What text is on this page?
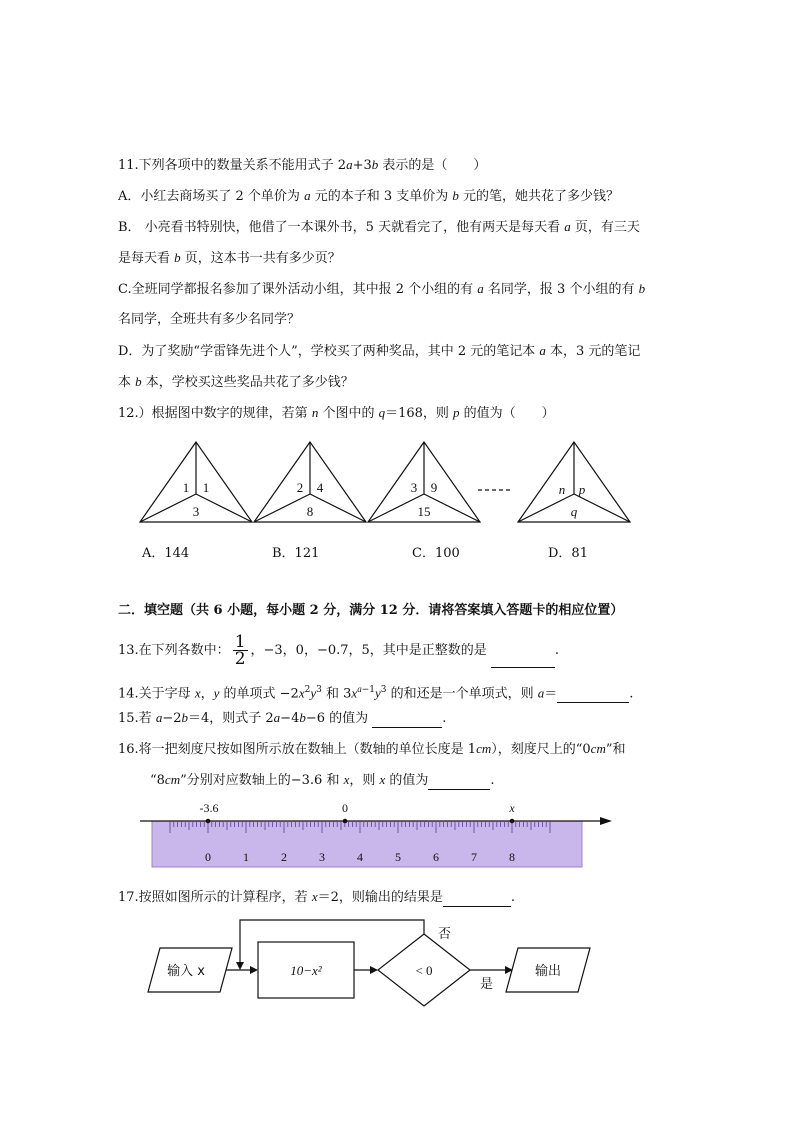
11.下列各项中的数量关系不能用式子 2a+3b 表示的是（　　）
A．小红去商场买了 2 个单价为 a 元的本子和 3 支单价为 b 元的笔，她共花了多少钱？
B． 小亮看书特别快，他借了一本课外书，5 天就看完了，他有两天是每天看 a 页，有三天
是每天看 b 页，这本书一共有多少页？
C.全班同学都报名参加了课外活动小组，其中报 2 个小组的有 a 名同学，报 3 个小组的有 b
名同学，全班共有多少名同学？
D．为了奖励“学雷锋先进个人”，学校买了两种奖品，其中 2 元的笔记本 a 本，3 元的笔记
本 b 本，学校买这些奖品共花了多少钱？
12.）根据图中数字的规律，若第 n 个图中的 q＝168，则 p 的值为（　　）
1 1
3
2 4
8
3 9
15
n p
q
A．144	B．121	C．100	D．81
二．填空题（共 6 小题，每小题 2 分，满分 12 分．请将答案填入答题卡的相应位置）
13.在下列各数中： $\frac{1}{2}$ ，−3，0，−0.7，5，其中是正整数的是	.
14.关于字母 x，y 的单项式 $-2x^2y^3$ 和 $3x^{a-1}y^3$ 的和还是一个单项式，则 a＝	.
15.若 a−2b＝4，则式子 2a−4b−6 的值为	.
16.将一把刻度尺按如图所示放在数轴上（数轴的单位长度是 1cm），刻度尺上的“0cm”和
“8cm”分别对应数轴上的−3.6 和 x，则 x 的值为	.
-3.6	0	x
0	1	2	3	4	5	6	7	8
17.按照如图所示的计算程序，若 x＝2，则输出的结果是	.
输入 x	10−x²	< 0
否
是
输出
